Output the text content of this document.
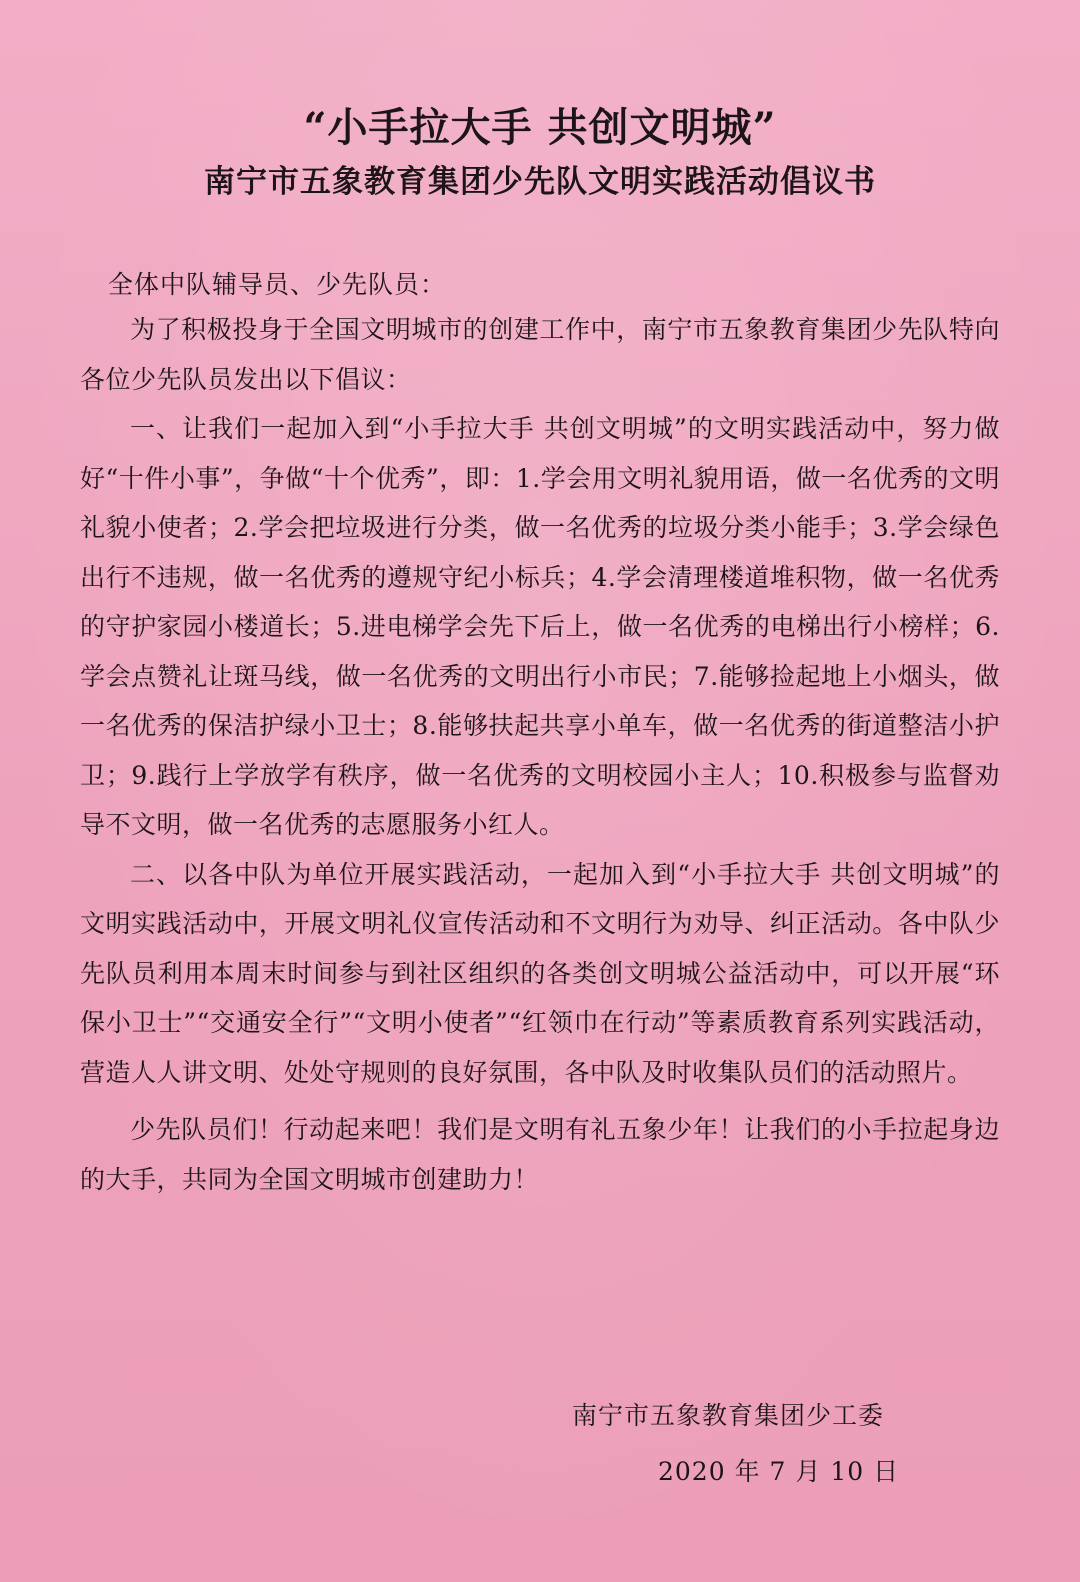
“小手拉大手 共创文明城”
南宁市五象教育集团少先队文明实践活动倡议书
全体中队辅导员、少先队员：

为了积极投身于全国文明城市的创建工作中，南宁市五象教育集团少先队特向各位少先队员发出以下倡议：

一、让我们一起加入到“小手拉大手 共创文明城”的文明实践活动中，努力做好“十件小事”，争做“十个优秀”，即：1.学会用文明礼貌用语，做一名优秀的文明礼貌小使者；2.学会把垃圾进行分类，做一名优秀的垃圾分类小能手；3.学会绿色出行不违规，做一名优秀的遵规守纪小标兵；4.学会清理楼道堆积物，做一名优秀的守护家园小楼道长；5.进电梯学会先下后上，做一名优秀的电梯出行小榜样；6.学会点赞礼让斑马线，做一名优秀的文明出行小市民；7.能够捡起地上小烟头，做一名优秀的保洁护绿小卫士；8.能够扶起共享小单车，做一名优秀的街道整洁小护卫；9.践行上学放学有秩序，做一名优秀的文明校园小主人；10.积极参与监督劝导不文明，做一名优秀的志愿服务小红人。

二、以各中队为单位开展实践活动，一起加入到“小手拉大手 共创文明城”的文明实践活动中，开展文明礼仪宣传活动和不文明行为劝导、纠正活动。各中队少先队员利用本周末时间参与到社区组织的各类创文明城公益活动中，可以开展“环保小卫士”“交通安全行”“文明小使者”“红领巾在行动”等素质教育系列实践活动，营造人人讲文明、处处守规则的良好氛围，各中队及时收集队员们的活动照片。

少先队员们！行动起来吧！我们是文明有礼五象少年！让我们的小手拉起身边的大手，共同为全国文明城市创建助力！

南宁市五象教育集团少工委
2020 年 7 月 10 日
